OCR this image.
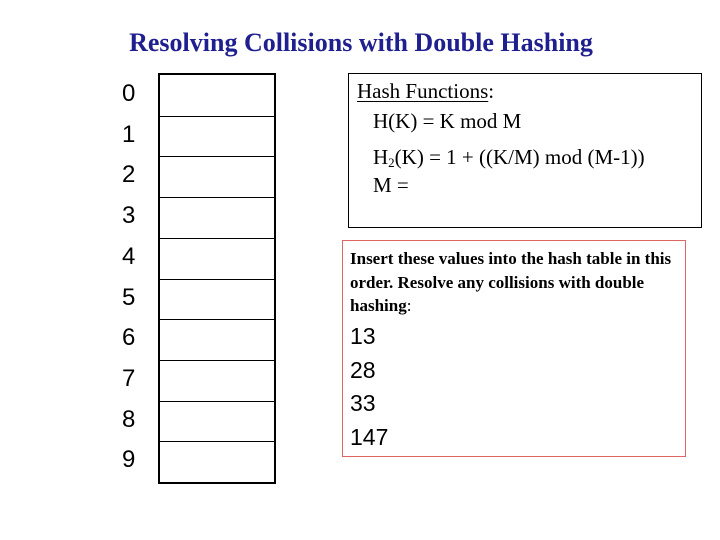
Resolving Collisions with Double Hashing
0
1
2
3
4
5
6
7
8
9
Hash Functions:
H(K) = K mod M
$H_2(K) = 1 + ((K/M)$ mod (M-1))
M =
Insert these values into the hash table in this order. Resolve any collisions with double hashing:
13
28
33
147
